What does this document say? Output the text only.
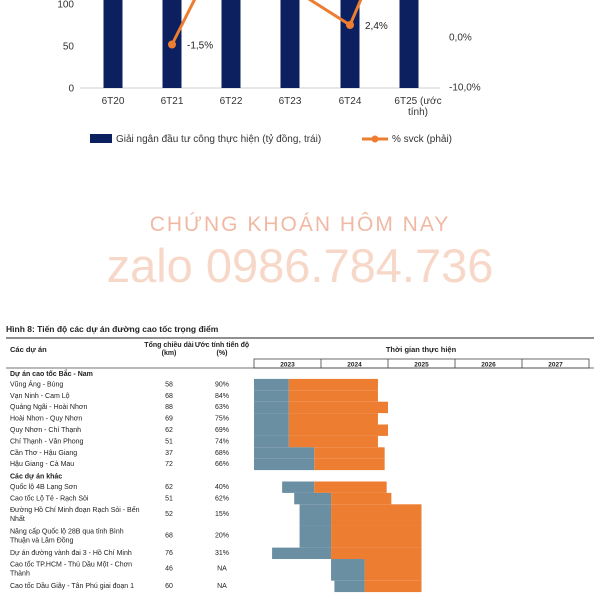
-1,5%
2,4%
0
50
100
0,0%
-10,0%
6T20	6T21	6T22	6T23	6T24	6T25 (ước
tính)
Giải ngân đầu tư công thực hiện (tỷ đồng, trái)	% svck (phải)
CHỨNG KHOÁN HÔM NAY
zalo 0986.784.736
Hình 8: Tiến độ các dự án đường cao tốc trọng điểm
Các dự án	Tổng chiều dài (km)
Ước tính tiến độ (%)	Thời gian thực hiện
2023	2024	2025	2026	2027
Dự án cao tốc Bắc - Nam
Vũng Áng - Bùng	58	90%
Vạn Ninh - Cam Lộ	68	84%
Quảng Ngãi - Hoài Nhơn	88	63%
Hoài Nhơn - Quy Nhơn	69	75%
Quy Nhơn - Chí Thạnh	62	69%
Chí Thạnh - Vân Phong	51	74%
Cần Thơ - Hậu Giang	37	68%
Hậu Giang - Cà Mau	72	66%
Các dự án khác
Quốc lộ 4B Lạng Sơn	62	40%
Cao tốc Lộ Tẻ - Rạch Sỏi	51	62%
Đường Hồ Chí Minh đoạn Rạch Sỏi - Bến
Nhất
52	15%
Nâng cấp Quốc lộ 28B qua tỉnh Bình
Thuận và Lâm Đồng
68	20%
Dự án đường vành đai 3 - Hồ Chí Minh	76	31%
Cao tốc TP.HCM - Thủ Dầu Một - Chơn
Thành
46	NA
Cao tốc Dầu Giây - Tân Phú giai đoạn 1	60	NA
